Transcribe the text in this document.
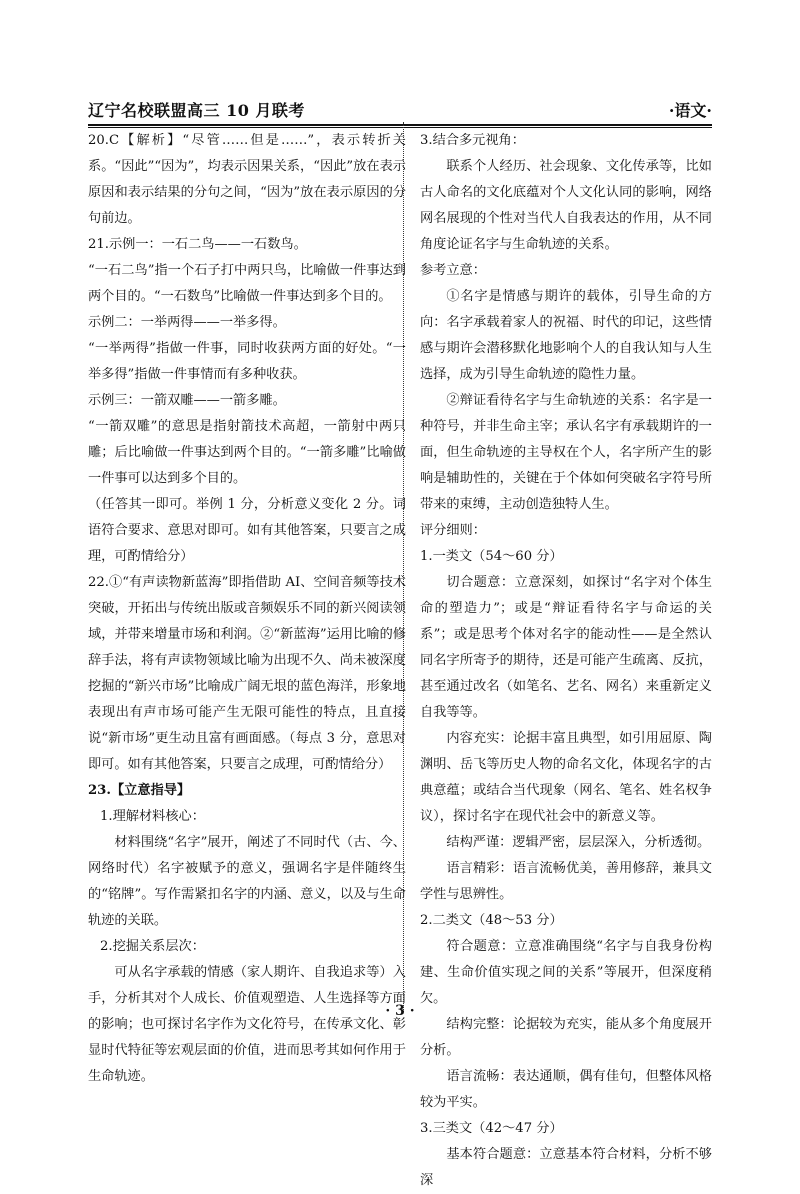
辽宁名校联盟高三 10 月联考	·语文·

20.C【解析】“尽管……但是……”，表示转折关系。“因此”“因为”，均表示因果关系，“因此”放在表示原因和表示结果的分句之间，“因为”放在表示原因的分句前边。

21.示例一：一石二鸟——一石数鸟。

“一石二鸟”指一个石子打中两只鸟，比喻做一件事达到两个目的。“一石数鸟”比喻做一件事达到多个目的。

示例二：一举两得——一举多得。

“一举两得”指做一件事，同时收获两方面的好处。“一举多得”指做一件事情而有多种收获。

示例三：一箭双雕——一箭多雕。

“一箭双雕”的意思是指射箭技术高超，一箭射中两只雕；后比喻做一件事达到两个目的。“一箭多雕”比喻做一件事可以达到多个目的。

（任答其一即可。举例 1 分，分析意义变化 2 分。词语符合要求、意思对即可。如有其他答案，只要言之成理，可酌情给分）

22.①“有声读物新蓝海”即指借助 AI、空间音频等技术突破，开拓出与传统出版或音频娱乐不同的新兴阅读领域，并带来增量市场和利润。②“新蓝海”运用比喻的修辞手法，将有声读物领域比喻为出现不久、尚未被深度挖掘的“新兴市场”比喻成广阔无垠的蓝色海洋，形象地表现出有声市场可能产生无限可能性的特点，且直接说“新市场”更生动且富有画面感。（每点 3 分，意思对即可。如有其他答案，只要言之成理，可酌情给分）

23.【立意指导】

1.理解材料核心：

材料围绕“名字”展开，阐述了不同时代（古、今、网络时代）名字被赋予的意义，强调名字是伴随终生的“铭牌”。写作需紧扣名字的内涵、意义，以及与生命轨迹的关联。

2.挖掘关系层次：

可从名字承载的情感（家人期许、自我追求等）入手，分析其对个人成长、价值观塑造、人生选择等方面的影响；也可探讨名字作为文化符号，在传承文化、彰显时代特征等宏观层面的价值，进而思考其如何作用于生命轨迹。

3.结合多元视角：

联系个人经历、社会现象、文化传承等，比如古人命名的文化底蕴对个人文化认同的影响，网络网名展现的个性对当代人自我表达的作用，从不同角度论证名字与生命轨迹的关系。

参考立意：

①名字是情感与期许的载体，引导生命的方向：名字承载着家人的祝福、时代的印记，这些情感与期许会潜移默化地影响个人的自我认知与人生选择，成为引导生命轨迹的隐性力量。

②辩证看待名字与生命轨迹的关系：名字是一种符号，并非生命主宰；承认名字有承载期许的一面，但生命轨迹的主导权在个人，名字所产生的影响是辅助性的，关键在于个体如何突破名字符号所带来的束缚，主动创造独特人生。

评分细则：

1.一类文（54～60 分）

切合题意：立意深刻，如探讨“名字对个体生命的塑造力”；或是“辩证看待名字与命运的关系”；或是思考个体对名字的能动性——是全然认同名字所寄予的期待，还是可能产生疏离、反抗，甚至通过改名（如笔名、艺名、网名）来重新定义自我等等。

内容充实：论据丰富且典型，如引用屈原、陶渊明、岳飞等历史人物的命名文化，体现名字的古典意蕴；或结合当代现象（网名、笔名、姓名权争议），探讨名字在现代社会中的新意义等。

结构严谨：逻辑严密，层层深入，分析透彻。

语言精彩：语言流畅优美，善用修辞，兼具文学性与思辨性。

2.二类文（48～53 分）

符合题意：立意准确围绕“名字与自我身份构建、生命价值实现之间的关系”等展开，但深度稍欠。

结构完整：论据较为充实，能从多个角度展开分析。

语言流畅：表达通顺，偶有佳句，但整体风格较为平实。

3.三类文（42～47 分）

基本符合题意：立意基本符合材料，分析不够深

· 3 ·
